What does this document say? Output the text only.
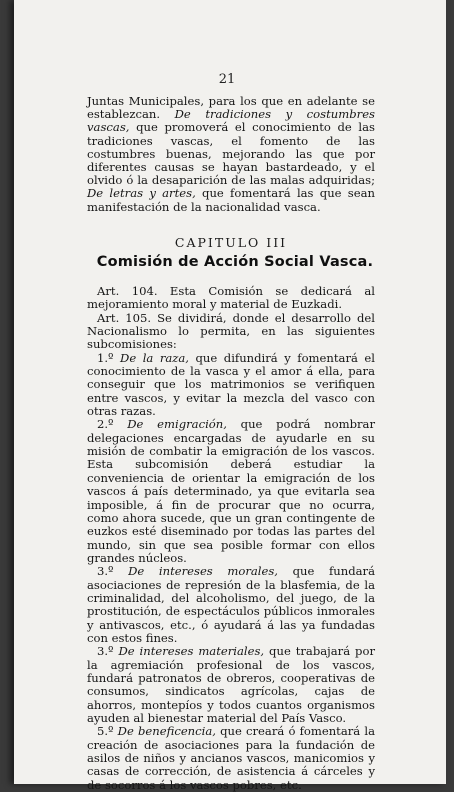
21

Juntas Municipales, para los que en adelante se establezcan. De tradiciones y costumbres vascas, que promoverá el conocimiento de las tradiciones vascas, el fomento de las costumbres buenas, mejorando las que por diferentes causas se hayan bastardeado, y el olvido ó la desaparición de las malas adquiridas; De letras y artes, que fomentará las que sean manifestación de la nacionalidad vasca.

CAPITULO III
Comisión de Acción Social Vasca.

Art. 104. Esta Comisión se dedicará al mejoramiento moral y material de Euzkadi.

Art. 105. Se dividirá, donde el desarrollo del Nacionalismo lo permita, en las siguientes subcomisiones:

1.º De la raza, que difundirá y fomentará el conocimiento de la vasca y el amor á ella, para conseguir que los matrimonios se verifiquen entre vascos, y evitar la mezcla del vasco con otras razas.

2.º De emigración, que podrá nombrar delegaciones encargadas de ayudarle en su misión de combatir la emigración de los vascos. Esta subcomisión deberá estudiar la conveniencia de orientar la emigración de los vascos á país determinado, ya que evitarla sea imposible, á fin de procurar que no ocurra, como ahora sucede, que un gran contingente de euzkos esté diseminado por todas las partes del mundo, sin que sea posible formar con ellos grandes núcleos.

3.º De intereses morales, que fundará asociaciones de represión de la blasfemia, de la criminalidad, del alcoholismo, del juego, de la prostitución, de espectáculos públicos inmorales y antivascos, etc., ó ayudará á las ya fundadas con estos fines.

3.º De intereses materiales, que trabajará por la agremiación profesional de los vascos, fundará patronatos de obreros, cooperativas de consumos, sindicatos agrícolas, cajas de ahorros, montepíos y todos cuantos organismos ayuden al bienestar material del País Vasco.

5.º De beneficencia, que creará ó fomentará la creación de asociaciones para la fundación de asilos de niños y ancianos vascos, manicomios y casas de corrección, de asistencia á cárceles y de socorros á los vascos pobres, etc.
